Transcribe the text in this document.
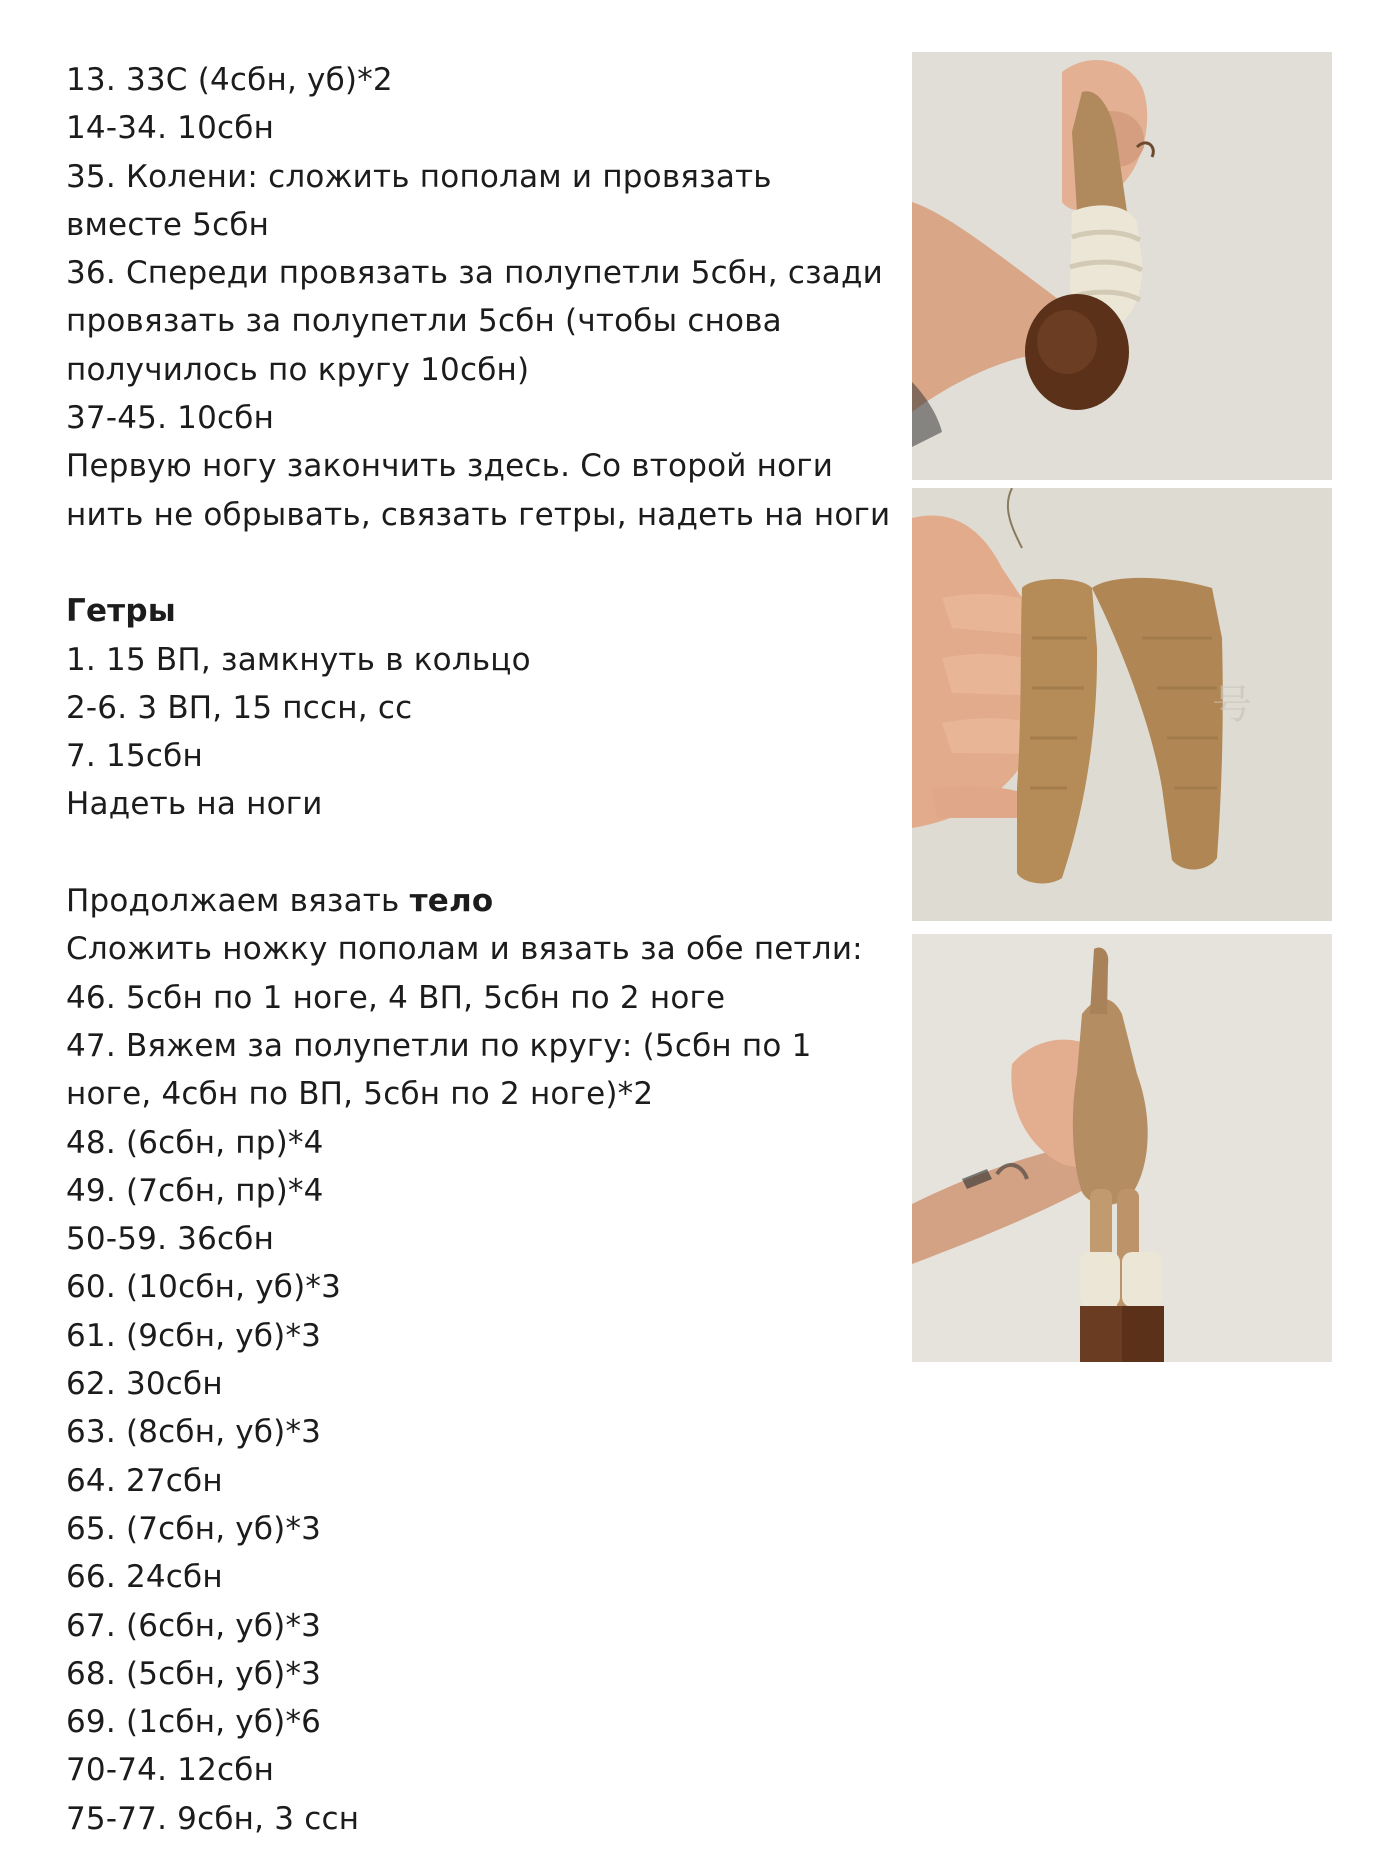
13. 33С (4сбн, уб)*2
14-34. 10сбн
35. Колени: сложить пополам и провязать
вместе 5сбн
36. Спереди провязать за полупетли 5сбн, сзади
провязать за полупетли 5сбн (чтобы снова
получилось по кругу 10сбн)
37-45. 10сбн
Первую ногу закончить здесь. Со второй ноги
нить не обрывать, связать гетры, надеть на ноги
Гетры
1. 15 ВП, замкнуть в кольцо
2-6. 3 ВП, 15 пссн, сс
7. 15сбн
Надеть на ноги
Продолжаем вязать тело
Сложить ножку пополам и вязать за обе петли:
46. 5сбн по 1 ноге, 4 ВП, 5сбн по 2 ноге
47. Вяжем за полупетли по кругу: (5сбн по 1
ноге, 4сбн по ВП, 5сбн по 2 ноге)*2
48. (6сбн, пр)*4
49. (7сбн, пр)*4
50-59. 36сбн
60. (10сбн, уб)*3
61. (9сбн, уб)*3
62. 30сбн
63. (8сбн, уб)*3
64. 27сбн
65. (7сбн, уб)*3
66. 24сбн
67. (6сбн, уб)*3
68. (5сбн, уб)*3
69. (1сбн, уб)*6
70-74. 12сбн
75-77. 9сбн, 3 ссн
号
